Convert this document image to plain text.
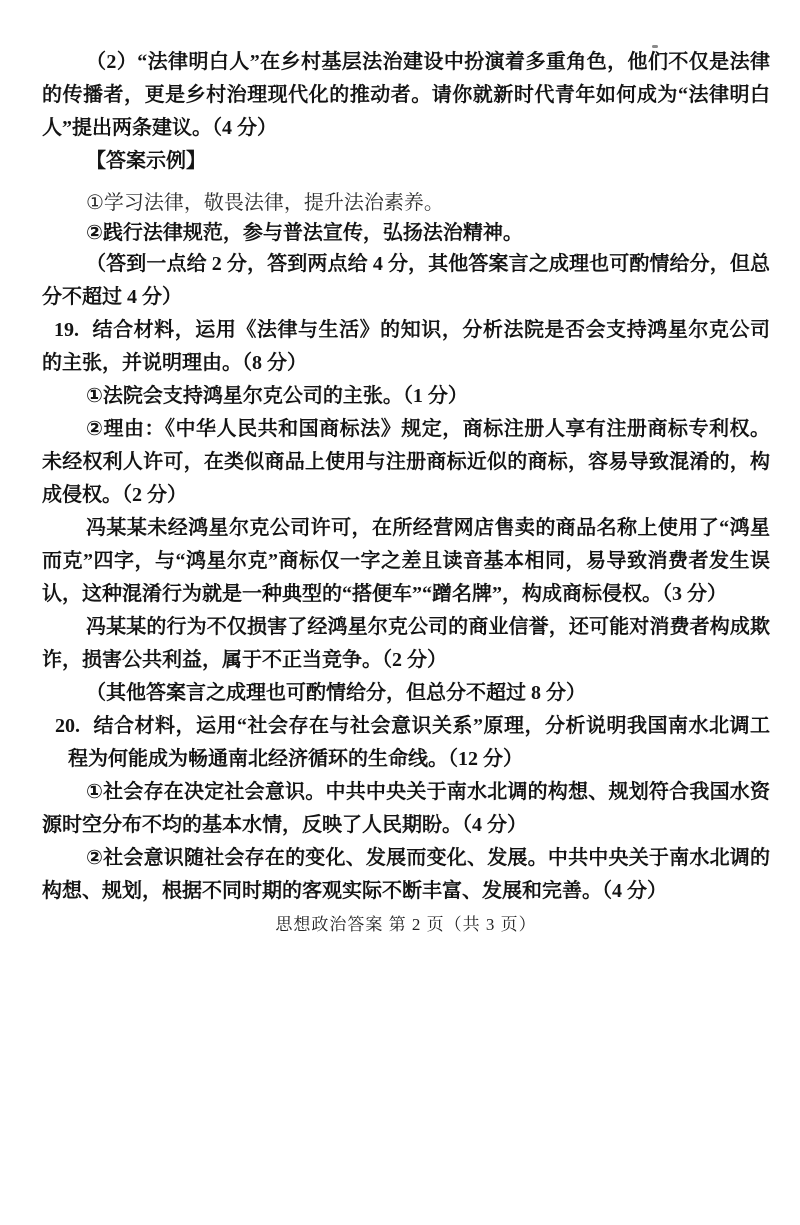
（2）“法律明白人”在乡村基层法治建设中扮演着多重角色，他们不仅是法律的传播者，更是乡村治理现代化的推动者。请你就新时代青年如何成为“法律明白人”提出两条建议。（4 分）

【答案示例】

①学习法律，敬畏法律，提升法治素养。

②践行法律规范，参与普法宣传，弘扬法治精神。

（答到一点给 2 分，答到两点给 4 分，其他答案言之成理也可酌情给分，但总分不超过 4 分）

19. 结合材料，运用《法律与生活》的知识，分析法院是否会支持鸿星尔克公司的主张，并说明理由。（8 分）

①法院会支持鸿星尔克公司的主张。（1 分）

②理由：《中华人民共和国商标法》规定，商标注册人享有注册商标专利权。未经权利人许可，在类似商品上使用与注册商标近似的商标，容易导致混淆的，构成侵权。（2 分）

冯某某未经鸿星尔克公司许可，在所经营网店售卖的商品名称上使用了“鸿星而克”四字，与“鸿星尔克”商标仅一字之差且读音基本相同，易导致消费者发生误认，这种混淆行为就是一种典型的“搭便车”“蹭名牌”，构成商标侵权。（3 分）

冯某某的行为不仅损害了经鸿星尔克公司的商业信誉，还可能对消费者构成欺诈，损害公共利益，属于不正当竞争。（2 分）

（其他答案言之成理也可酌情给分，但总分不超过 8 分）

20. 结合材料，运用“社会存在与社会意识关系”原理，分析说明我国南水北调工程为何能成为畅通南北经济循环的生命线。（12 分）

①社会存在决定社会意识。中共中央关于南水北调的构想、规划符合我国水资源时空分布不均的基本水情，反映了人民期盼。（4 分）

②社会意识随社会存在的变化、发展而变化、发展。中共中央关于南水北调的构想、规划，根据不同时期的客观实际不断丰富、发展和完善。（4 分）

思想政治答案 第 2 页（共 3 页）
